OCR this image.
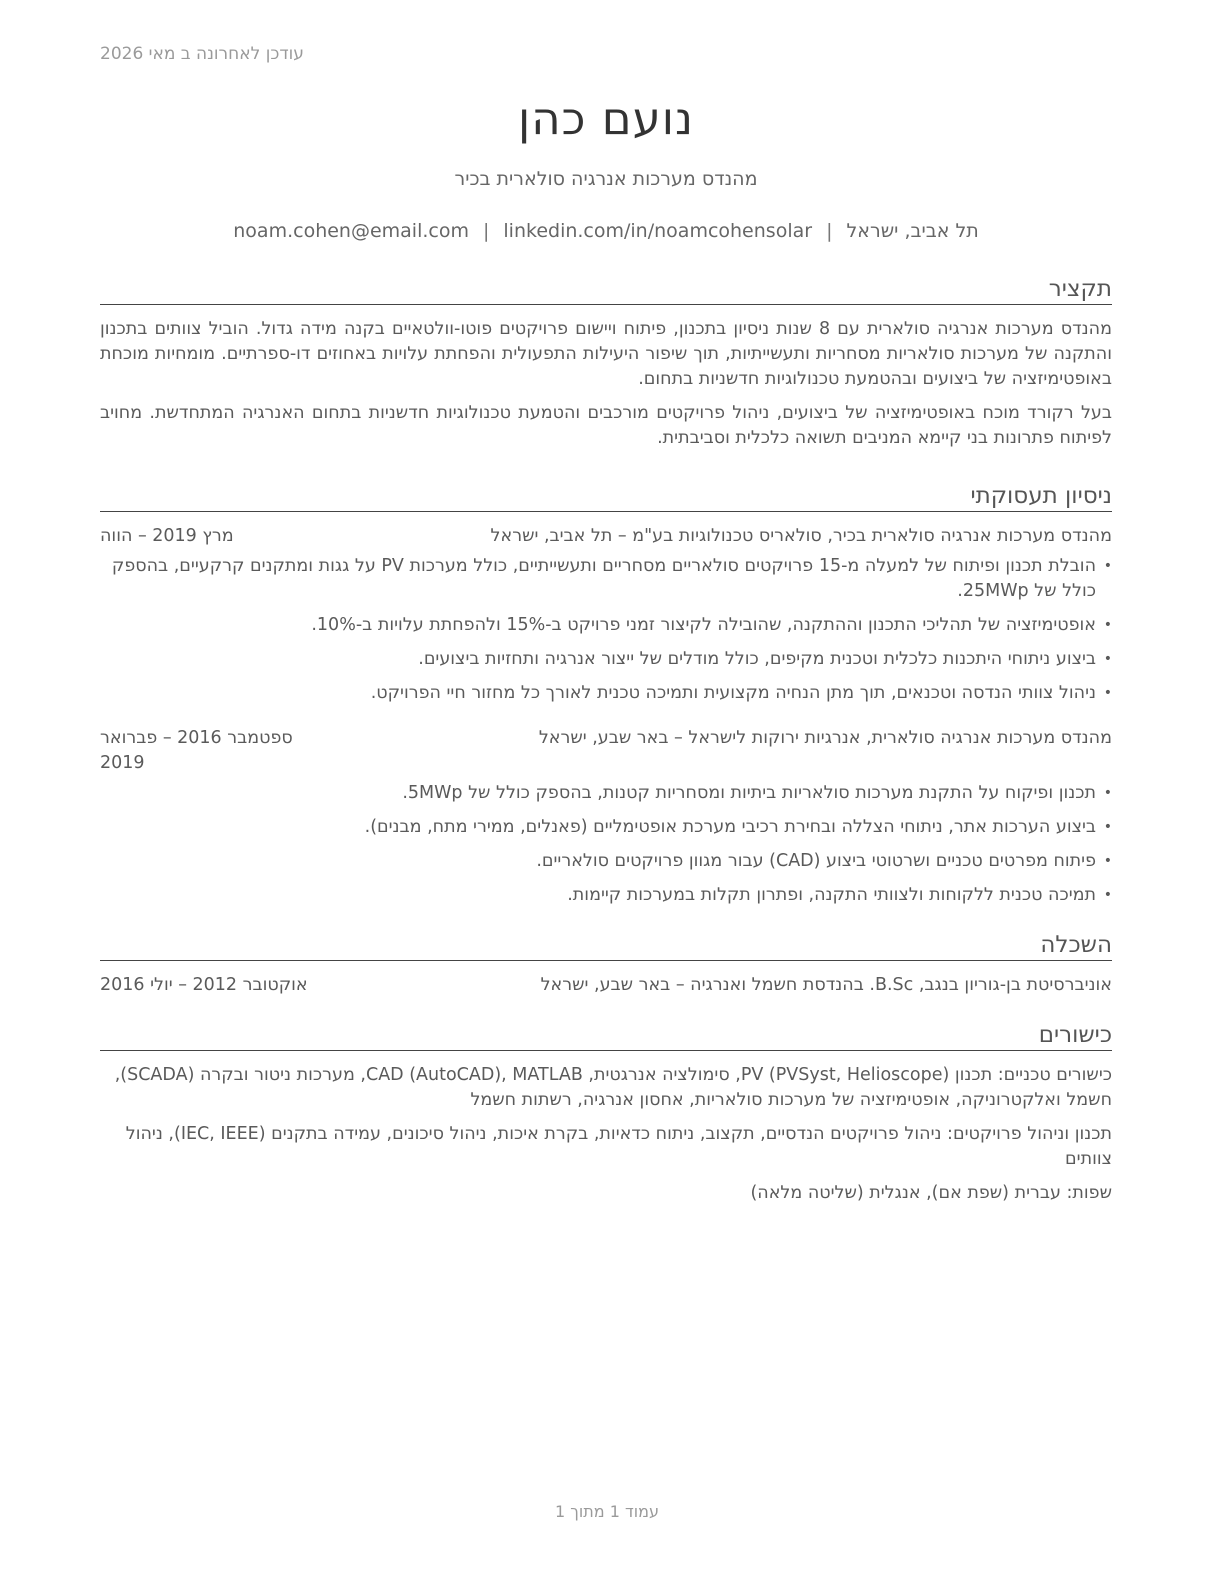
עודכן לאחרונה ב מאי 2026
נועם כהן
מהנדס מערכות אנרגיה סולארית בכיר
תל אביב, ישראל|noam.cohen@email.com | linkedin.com/in/noamcohensolar
תקציר

מהנדס מערכות אנרגיה סולארית עם 8 שנות ניסיון בתכנון, פיתוח ויישום פרויקטים פוטו-וולטאיים בקנה מידה גדול. הוביל צוותים בתכנון והתקנה של מערכות סולאריות מסחריות ותעשייתיות, תוך שיפור היעילות התפעולית והפחתת עלויות באחוזים דו-ספרתיים. מומחיות מוכחת באופטימיזציה של ביצועים ובהטמעת טכנולוגיות חדשניות בתחום.

בעל רקורד מוכח באופטימיזציה של ביצועים, ניהול פרויקטים מורכבים והטמעת טכנולוגיות חדשניות בתחום האנרגיה המתחדשת. מחויב לפיתוח פתרונות בני קיימא המניבים תשואה כלכלית וסביבתית.

ניסיון תעסוקתי
מהנדס מערכות אנרגיה סולארית בכיר, סולאריס טכנולוגיות בע"מ – תל אביב, ישראל
מרץ 2019 – הווה
• הובלת תכנון ופיתוח של למעלה מ-15 פרויקטים סולאריים מסחריים ותעשייתיים, כולל מערכות PV על גגות ומתקנים קרקעיים, בהספק כולל של 25MWp.
• אופטימיזציה של תהליכי התכנון וההתקנה, שהובילה לקיצור זמני פרויקט ב-15% ולהפחתת עלויות ב-10%.
• ביצוע ניתוחי היתכנות כלכלית וטכנית מקיפים, כולל מודלים של ייצור אנרגיה ותחזיות ביצועים.
• ניהול צוותי הנדסה וטכנאים, תוך מתן הנחיה מקצועית ותמיכה טכנית לאורך כל מחזור חיי הפרויקט.
מהנדס מערכות אנרגיה סולארית, אנרגיות ירוקות לישראל – באר שבע, ישראל
ספטמבר 2016 – פברואר 2019
• תכנון ופיקוח על התקנת מערכות סולאריות ביתיות ומסחריות קטנות, בהספק כולל של 5MWp.
• ביצוע הערכות אתר, ניתוחי הצללה ובחירת רכיבי מערכת אופטימליים (פאנלים, ממירי מתח, מבנים).
• פיתוח מפרטים טכניים ושרטוטי ביצוע (CAD) עבור מגוון פרויקטים סולאריים.
• תמיכה טכנית ללקוחות ולצוותי התקנה, ופתרון תקלות במערכות קיימות.
השכלה
אוניברסיטת בן-גוריון בנגב, B.Sc. בהנדסת חשמל ואנרגיה – באר שבע, ישראל
אוקטובר 2012 – יולי 2016
כישורים
כישורים טכניים: תכנון PV (PVSyst, Helioscope), סימולציה אנרגטית, CAD (AutoCAD), MATLAB, מערכות ניטור ובקרה (SCADA), חשמל ואלקטרוניקה, אופטימיזציה של מערכות סולאריות, אחסון אנרגיה, רשתות חשמל
תכנון וניהול פרויקטים: ניהול פרויקטים הנדסיים, תקצוב, ניתוח כדאיות, בקרת איכות, ניהול סיכונים, עמידה בתקנים (IEC, IEEE), ניהול צוותים
שפות: עברית (שפת אם), אנגלית (שליטה מלאה)
עמוד 1 מתוך 1
